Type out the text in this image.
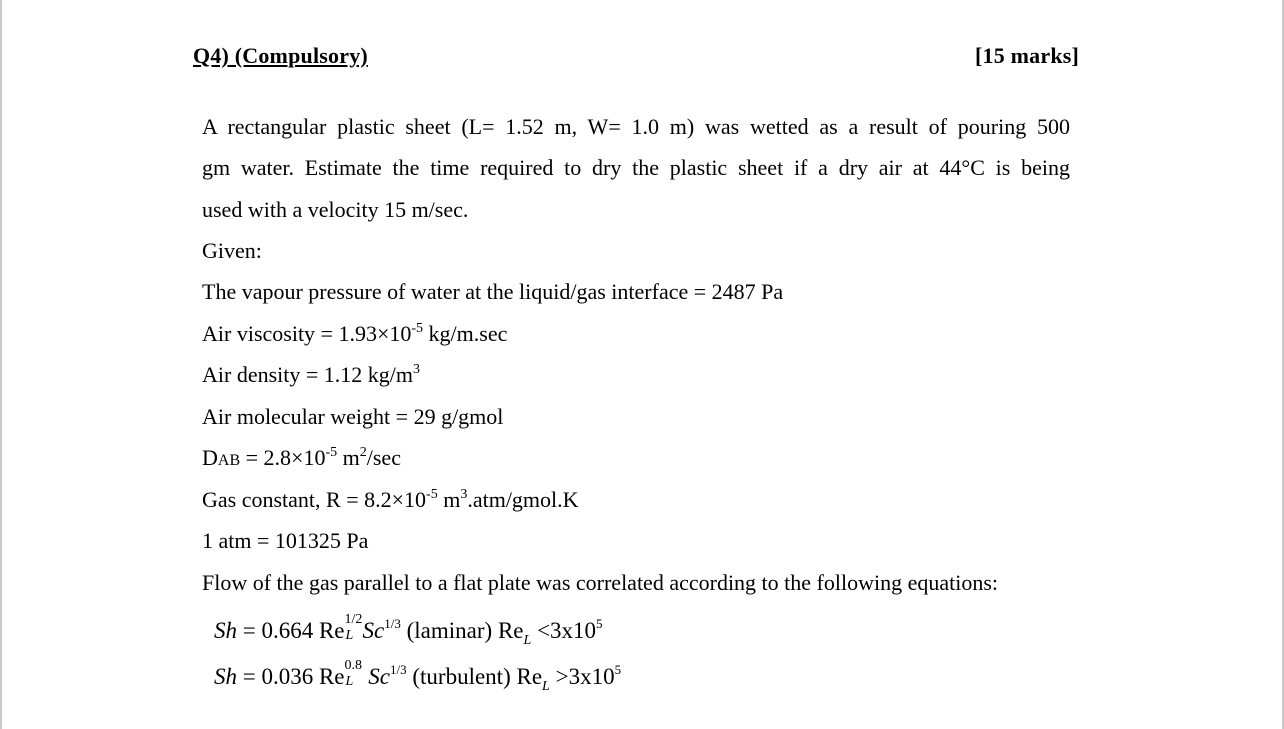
Q4) (Compulsory)	[15 marks]
A rectangular plastic sheet (L= 1.52 m, W= 1.0 m) was wetted as a result of pouring 500
gm water. Estimate the time required to dry the plastic sheet if a dry air at 44°C is being
used with a velocity 15 m/sec.
Given:
The vapour pressure of water at the liquid/gas interface = 2487 Pa
Air viscosity = $1.93\times 10^{-5}$ kg/m.sec
Air density = 1.12 $kg/m^3$
Air molecular weight = 29 g/gmol
DAB = $2.8\times 10^{-5}$ $m^2/\sec$
Gas constant, $R = 8.2\times 10^{-5}$ $m^3.atm/gmol.K$
1 atm = 101325 Pa
Flow of the gas parallel to a flat plate was correlated according to the following equations:
Sh = 0.664 Re 1/2
L $Sc^{1/3}$ (laminar) $Re_L <3x10^5$
Sh = 0.036 Re 0.8
L $Sc^{1/3}$ (turbulent) $Re_L >3x10^5$
